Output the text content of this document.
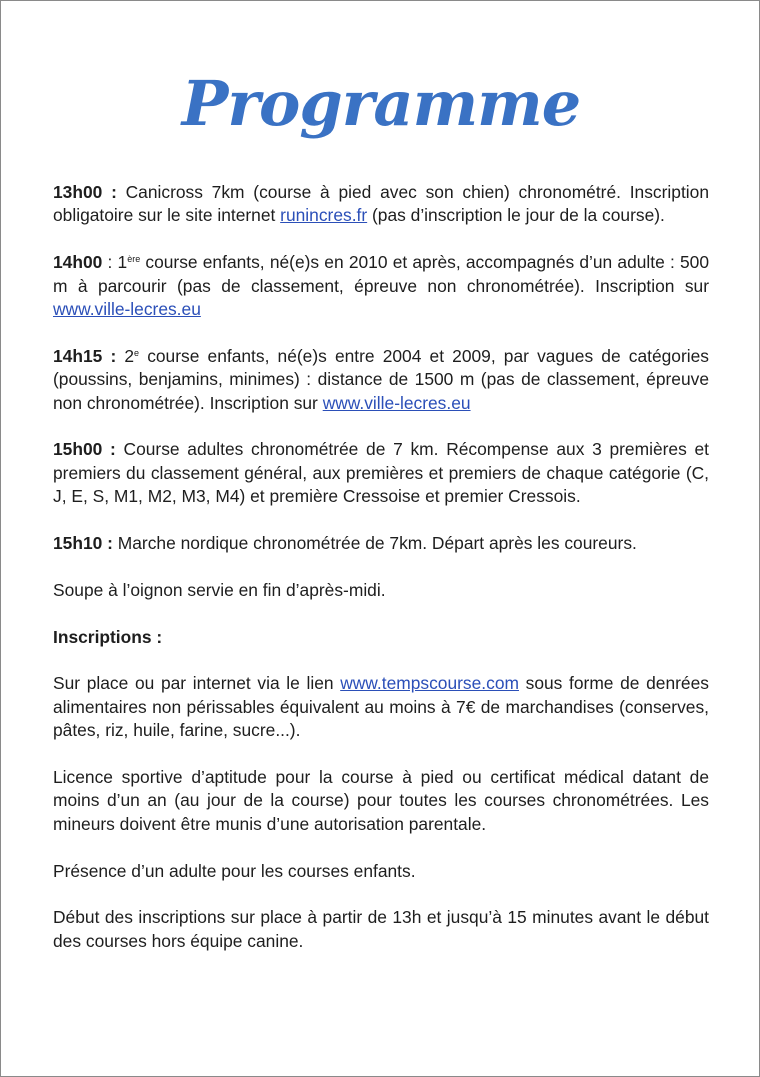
Programme

13h00 : Canicross 7km (course à pied avec son chien) chronométré. Inscription obligatoire sur le site internet runincres.fr (pas d’inscription le jour de la course).

14h00 : 1ère course enfants, né(e)s en 2010 et après, accompagnés d’un adulte : 500 m à parcourir (pas de classement, épreuve non chronométrée). Inscription sur www.ville-lecres.eu

14h15 : 2e course enfants, né(e)s entre 2004 et 2009, par vagues de catégories (poussins, benjamins, minimes) : distance de 1500 m (pas de classement, épreuve non chronométrée). Inscription sur www.ville-lecres.eu

15h00 : Course adultes chronométrée de 7 km. Récompense aux 3 premières et premiers du classement général, aux premières et premiers de chaque catégorie (C, J, E, S, M1, M2, M3, M4) et première Cressoise et premier Cressois.

15h10 : Marche nordique chronométrée de 7km. Départ après les coureurs.

Soupe à l’oignon servie en fin d’après-midi.

Inscriptions :

Sur place ou par internet via le lien www.tempscourse.com sous forme de denrées alimentaires non périssables équivalent au moins à 7€ de marchandises (conserves, pâtes, riz, huile, farine, sucre...).

Licence sportive d’aptitude pour la course à pied ou certificat médical datant de moins d’un an (au jour de la course) pour toutes les courses chronométrées. Les mineurs doivent être munis d’une autorisation parentale.

Présence d’un adulte pour les courses enfants.

Début des inscriptions sur place à partir de 13h et jusqu’à 15 minutes avant le début des courses hors équipe canine.
